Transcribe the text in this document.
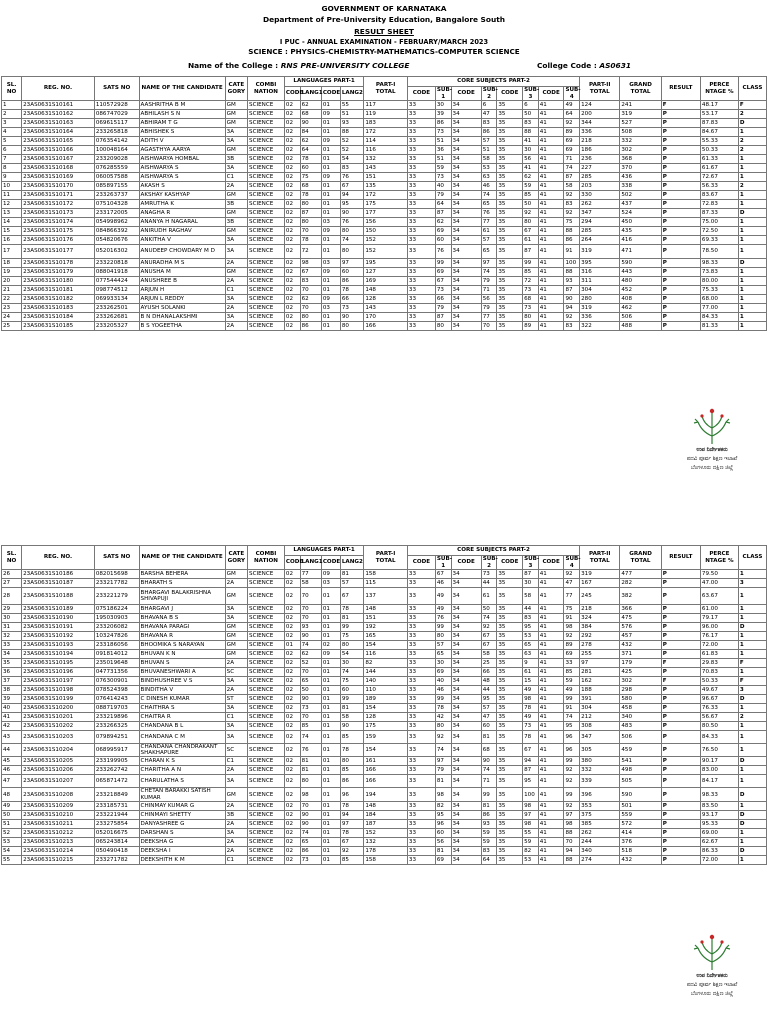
GOVERNMENT OF KARNATAKA
Department of Pre-University Education, Bangalore South
RESULT SHEET
I PUC - ANNUAL EXAMINATION - FEBRUARY/MARCH 2023
SCIENCE : PHYSICS-CHEMISTRY-MATHEMATICS-COMPUTER SCIENCE
Name of the College : RNS PRE-UNIVERSITY COLLEGE	College Code : AS0631
SL. NO	REG. NO.	SATS NO	NAME OF THE CANDIDATE	CATE GORY	COMBI NATION	LANGUAGES PART-1				PART-I TOTAL	CORE SUBJECTS PART-2								PART-II TOTAL	GRAND TOTAL	RESULT	PERCE NTAGE %	CLASS
						CODE	LANG1	CODE	LANG2		CODE	SUB-1	CODE	SUB-2	CODE	SUB-3	CODE	SUB-4					
1	23AS0631S10161	110572928	AASHRITHA B M	GM	SCIENCE	02	62	01	55	117	33	30	34	6	35	6	41	49	124	241	F	48.17	F
2	23AS0631S10162	086747029	ABHILASH S N	GM	SCIENCE	02	68	09	51	119	33	39	34	47	35	50	41	64	200	319	P	53.17	2
3	23AS0631S10163	069615117	ABHIRAM T G	GM	SCIENCE	02	90	01	93	183	33	86	34	83	35	83	41	92	344	527	P	87.83	D
4	23AS0631S10164	233265818	ABHISHEK S	3A	SCIENCE	02	84	01	88	172	33	73	34	86	35	88	41	89	336	508	P	84.67	1
5	23AS0631S10165	076354142	ADITH V	3A	SCIENCE	02	62	09	52	114	33	51	34	57	35	41	41	69	218	332	P	55.33	2
6	23AS0631S10166	100048164	AGASTHYA AARYA	GM	SCIENCE	02	64	01	52	116	33	36	34	51	35	30	41	69	186	302	P	50.33	2
7	23AS0631S10167	233209028	AISHWARYA HOMBAL	3B	SCIENCE	02	78	01	54	132	33	51	34	58	35	56	41	71	236	368	P	61.33	1
8	23AS0631S10168	076285559	AISHWARYA S	3A	SCIENCE	02	60	01	83	143	33	59	34	53	35	41	41	74	227	370	P	61.67	1
9	23AS0631S10169	060057588	AISHWARYA S	C1	SCIENCE	02	75	09	76	151	33	73	34	63	35	62	41	87	285	436	P	72.67	1
10	23AS0631S10170	085897155	AKASH S	2A	SCIENCE	02	68	01	67	135	33	40	34	46	35	59	41	58	203	338	P	56.33	2
11	23AS0631S10171	233263737	AKSHAY KASHYAP	GM	SCIENCE	02	78	01	94	172	33	79	34	74	35	85	41	92	330	502	P	83.67	1
12	23AS0631S10172	075104328	AMRUTHA K	3B	SCIENCE	02	80	01	95	175	33	64	34	65	35	50	41	83	262	437	P	72.83	1
13	23AS0631S10173	233172005	ANAGHA R	GM	SCIENCE	02	87	01	90	177	33	87	34	76	35	92	41	92	347	524	P	87.33	D
14	23AS0631S10174	054998962	ANANYA H NAGARAL	3B	SCIENCE	02	80	03	76	156	33	62	34	77	35	80	41	75	294	450	P	75.00	1
15	23AS0631S10175	084866392	ANIRUDH RAGHAV	GM	SCIENCE	02	70	09	80	150	33	69	34	61	35	67	41	88	285	435	P	72.50	1
16	23AS0631S10176	054820676	ANKITHA V	3A	SCIENCE	02	78	01	74	152	33	60	34	57	35	61	41	86	264	416	P	69.33	1
17	23AS0631S10177	052016302	ANUDEEP CHOWDARY M D	3A	SCIENCE	02	72	01	80	152	33	76	34	65	35	87	41	91	319	471	P	78.50	1
18	23AS0631S10178	233220818	ANURADHA M S	2A	SCIENCE	02	98	03	97	195	33	99	34	97	35	99	41	100	395	590	P	98.33	D
19	23AS0631S10179	088041918	ANUSHA M	GM	SCIENCE	02	67	09	60	127	33	69	34	74	35	85	41	88	316	443	P	73.83	1
20	23AS0631S10180	077544424	ANUSHREE B	2A	SCIENCE	02	83	01	86	169	33	67	34	79	35	72	41	93	311	480	P	80.00	1
21	23AS0631S10181	098774512	ARJUN H	C1	SCIENCE	02	70	01	78	148	33	73	34	71	35	73	41	87	304	452	P	75.33	1
22	23AS0631S10182	069933134	ARJUN L REDDY	3A	SCIENCE	02	62	09	66	128	33	66	34	56	35	68	41	90	280	408	P	68.00	1
23	23AS0631S10183	233262501	AYUSH SOLANKI	2A	SCIENCE	02	70	03	73	143	33	79	34	79	35	73	41	94	319	462	P	77.00	1
24	23AS0631S10184	233262681	B N DHANALAKSHMI	3A	SCIENCE	02	80	01	90	170	33	87	34	77	35	80	41	92	336	506	P	84.33	1
25	23AS0631S10185	233205327	B S YOGEETHA	2A	SCIENCE	02	86	01	80	166	33	80	34	70	35	89	41	83	322	488	P	81.33	1
ಉಪ ನಿರ್ದೇಶಕರು
ಪದವಿ ಪೂರ್ವ ಶಿಕ್ಷಣ ಇಲಾಖೆ
ಬೆಂಗಳೂರು ದಕ್ಷಿಣ ಜಿಲ್ಲೆ
SL. NO	REG. NO.	SATS NO	NAME OF THE CANDIDATE	CATE GORY	COMBI NATION	LANGUAGES PART-1				PART-I TOTAL	CORE SUBJECTS PART-2								PART-II TOTAL	GRAND TOTAL	RESULT	PERCE NTAGE %	CLASS
						CODE	LANG1	CODE	LANG2		CODE	SUB-1	CODE	SUB-2	CODE	SUB-3	CODE	SUB-4					
26	23AS0631S10186	082015698	BARSHA BEHERA	GM	SCIENCE	02	77	09	81	158	33	67	34	73	35	87	41	92	319	477	P	79.50	1
27	23AS0631S10187	233217782	BHARATH S	2A	SCIENCE	02	58	03	57	115	33	46	34	44	35	30	41	47	167	282	P	47.00	3
28	23AS0631S10188	233221279	BHARGAVI BALAKRISHNA SHIVAPUJI	GM	SCIENCE	02	70	01	67	137	33	49	34	61	35	58	41	77	245	382	P	63.67	1
29	23AS0631S10189	075186224	BHARGAVI J	3A	SCIENCE	02	70	01	78	148	33	49	34	50	35	44	41	75	218	366	P	61.00	1
30	23AS0631S10190	195030903	BHAVANA B S	3A	SCIENCE	02	70	01	81	151	33	76	34	74	35	83	41	91	324	475	P	79.17	1
31	23AS0631S10191	233206082	BHAVANA PARAGI	GM	SCIENCE	02	93	01	99	192	33	99	34	92	35	95	41	98	384	576	P	96.00	D
32	23AS0631S10192	103247826	BHAVANA R	GM	SCIENCE	02	90	01	75	165	33	80	34	67	35	53	41	92	292	457	P	76.17	1
33	23AS0631S10193	233186056	BHOOMIKA S NARAYAN	GM	SCIENCE	01	74	02	80	154	33	57	34	67	35	65	41	89	278	432	P	72.00	1
34	23AS0631S10194	091814012	BHUVAN K N	GM	SCIENCE	02	62	09	54	116	33	65	34	58	35	63	41	69	255	371	P	61.83	1
35	23AS0631S10195	235019648	BHUVAN S	2A	SCIENCE	02	52	01	30	82	33	30	34	25	35	9	41	33	97	179	F	29.83	F
36	23AS0631S10196	047731356	BHUVANESHWARI A	SC	SCIENCE	02	70	01	74	144	33	69	34	66	35	61	41	85	281	425	P	70.83	1
37	23AS0631S10197	076300901	BINDHUSHREE V S	3A	SCIENCE	02	65	01	75	140	33	40	34	48	35	15	41	59	162	302	F	50.33	F
38	23AS0631S10198	078524398	BINDITHA V	2A	SCIENCE	02	50	01	60	110	33	46	34	44	35	49	41	49	188	298	P	49.67	3
39	23AS0631S10199	076414243	C DINESH KUMAR	ST	SCIENCE	02	90	01	99	189	33	99	34	95	35	98	41	99	391	580	P	96.67	D
40	23AS0631S10200	088719703	CHAITHRA S	3A	SCIENCE	02	73	01	81	154	33	78	34	57	35	78	41	91	304	458	P	76.33	1
41	23AS0631S10201	233219896	CHAITRA R	C1	SCIENCE	02	70	01	58	128	33	42	34	47	35	49	41	74	212	340	P	56.67	2
42	23AS0631S10202	233266325	CHANDANA B L	3A	SCIENCE	02	85	01	90	175	33	80	34	60	35	73	41	95	308	483	P	80.50	1
43	23AS0631S10203	079894251	CHANDANA C M	3A	SCIENCE	02	74	01	85	159	33	92	34	81	35	78	41	96	347	506	P	84.33	1
44	23AS0631S10204	068995917	CHANDANA CHANDRAKANT SHAKHAPURE	SC	SCIENCE	02	76	01	78	154	33	74	34	68	35	67	41	96	305	459	P	76.50	1
45	23AS0631S10205	233199905	CHARAN K S	C1	SCIENCE	02	81	01	80	161	33	97	34	90	35	94	41	99	380	541	P	90.17	D
46	23AS0631S10206	233262742	CHARITHA A N	2A	SCIENCE	02	81	01	85	166	33	79	34	74	35	87	41	92	332	498	P	83.00	1
47	23AS0631S10207	065871472	CHARULATHA S	3A	SCIENCE	02	80	01	86	166	33	81	34	71	35	95	41	92	339	505	P	84.17	1
48	23AS0631S10208	233218849	CHETAN BARAKKI SATISH KUMAR	GM	SCIENCE	02	98	01	96	194	33	98	34	99	35	100	41	99	396	590	P	98.33	D
49	23AS0631S10209	233185731	CHINMAY KUMAR G	2A	SCIENCE	02	70	01	78	148	33	82	34	81	35	98	41	92	353	501	P	83.50	1
50	23AS0631S10210	233221944	CHINMAYI SHETTY	3B	SCIENCE	02	90	01	94	184	33	95	34	86	35	97	41	97	375	559	P	93.17	D
51	23AS0631S10211	233275854	DANYASHREE G	2A	SCIENCE	02	90	01	97	187	33	96	34	93	35	98	41	98	385	572	P	95.33	D
52	23AS0631S10212	052016675	DARSHAN S	3A	SCIENCE	02	74	01	78	152	33	60	34	59	35	55	41	88	262	414	P	69.00	1
53	23AS0631S10213	065243814	DEEKSHA G	2A	SCIENCE	02	65	01	67	132	33	56	34	59	35	59	41	70	244	376	P	62.67	1
54	23AS0631S10214	050490418	DEEKSHA I	2A	SCIENCE	02	86	01	92	178	33	81	34	83	35	82	41	94	340	518	P	86.33	D
55	23AS0631S10215	233271782	DEEKSHITH K M	C1	SCIENCE	02	73	01	85	158	33	69	34	64	35	53	41	88	274	432	P	72.00	1
ಉಪ ನಿರ್ದೇಶಕರು
ಪದವಿ ಪೂರ್ವ ಶಿಕ್ಷಣ ಇಲಾಖೆ
ಬೆಂಗಳೂರು ದಕ್ಷಿಣ ಜಿಲ್ಲೆ
